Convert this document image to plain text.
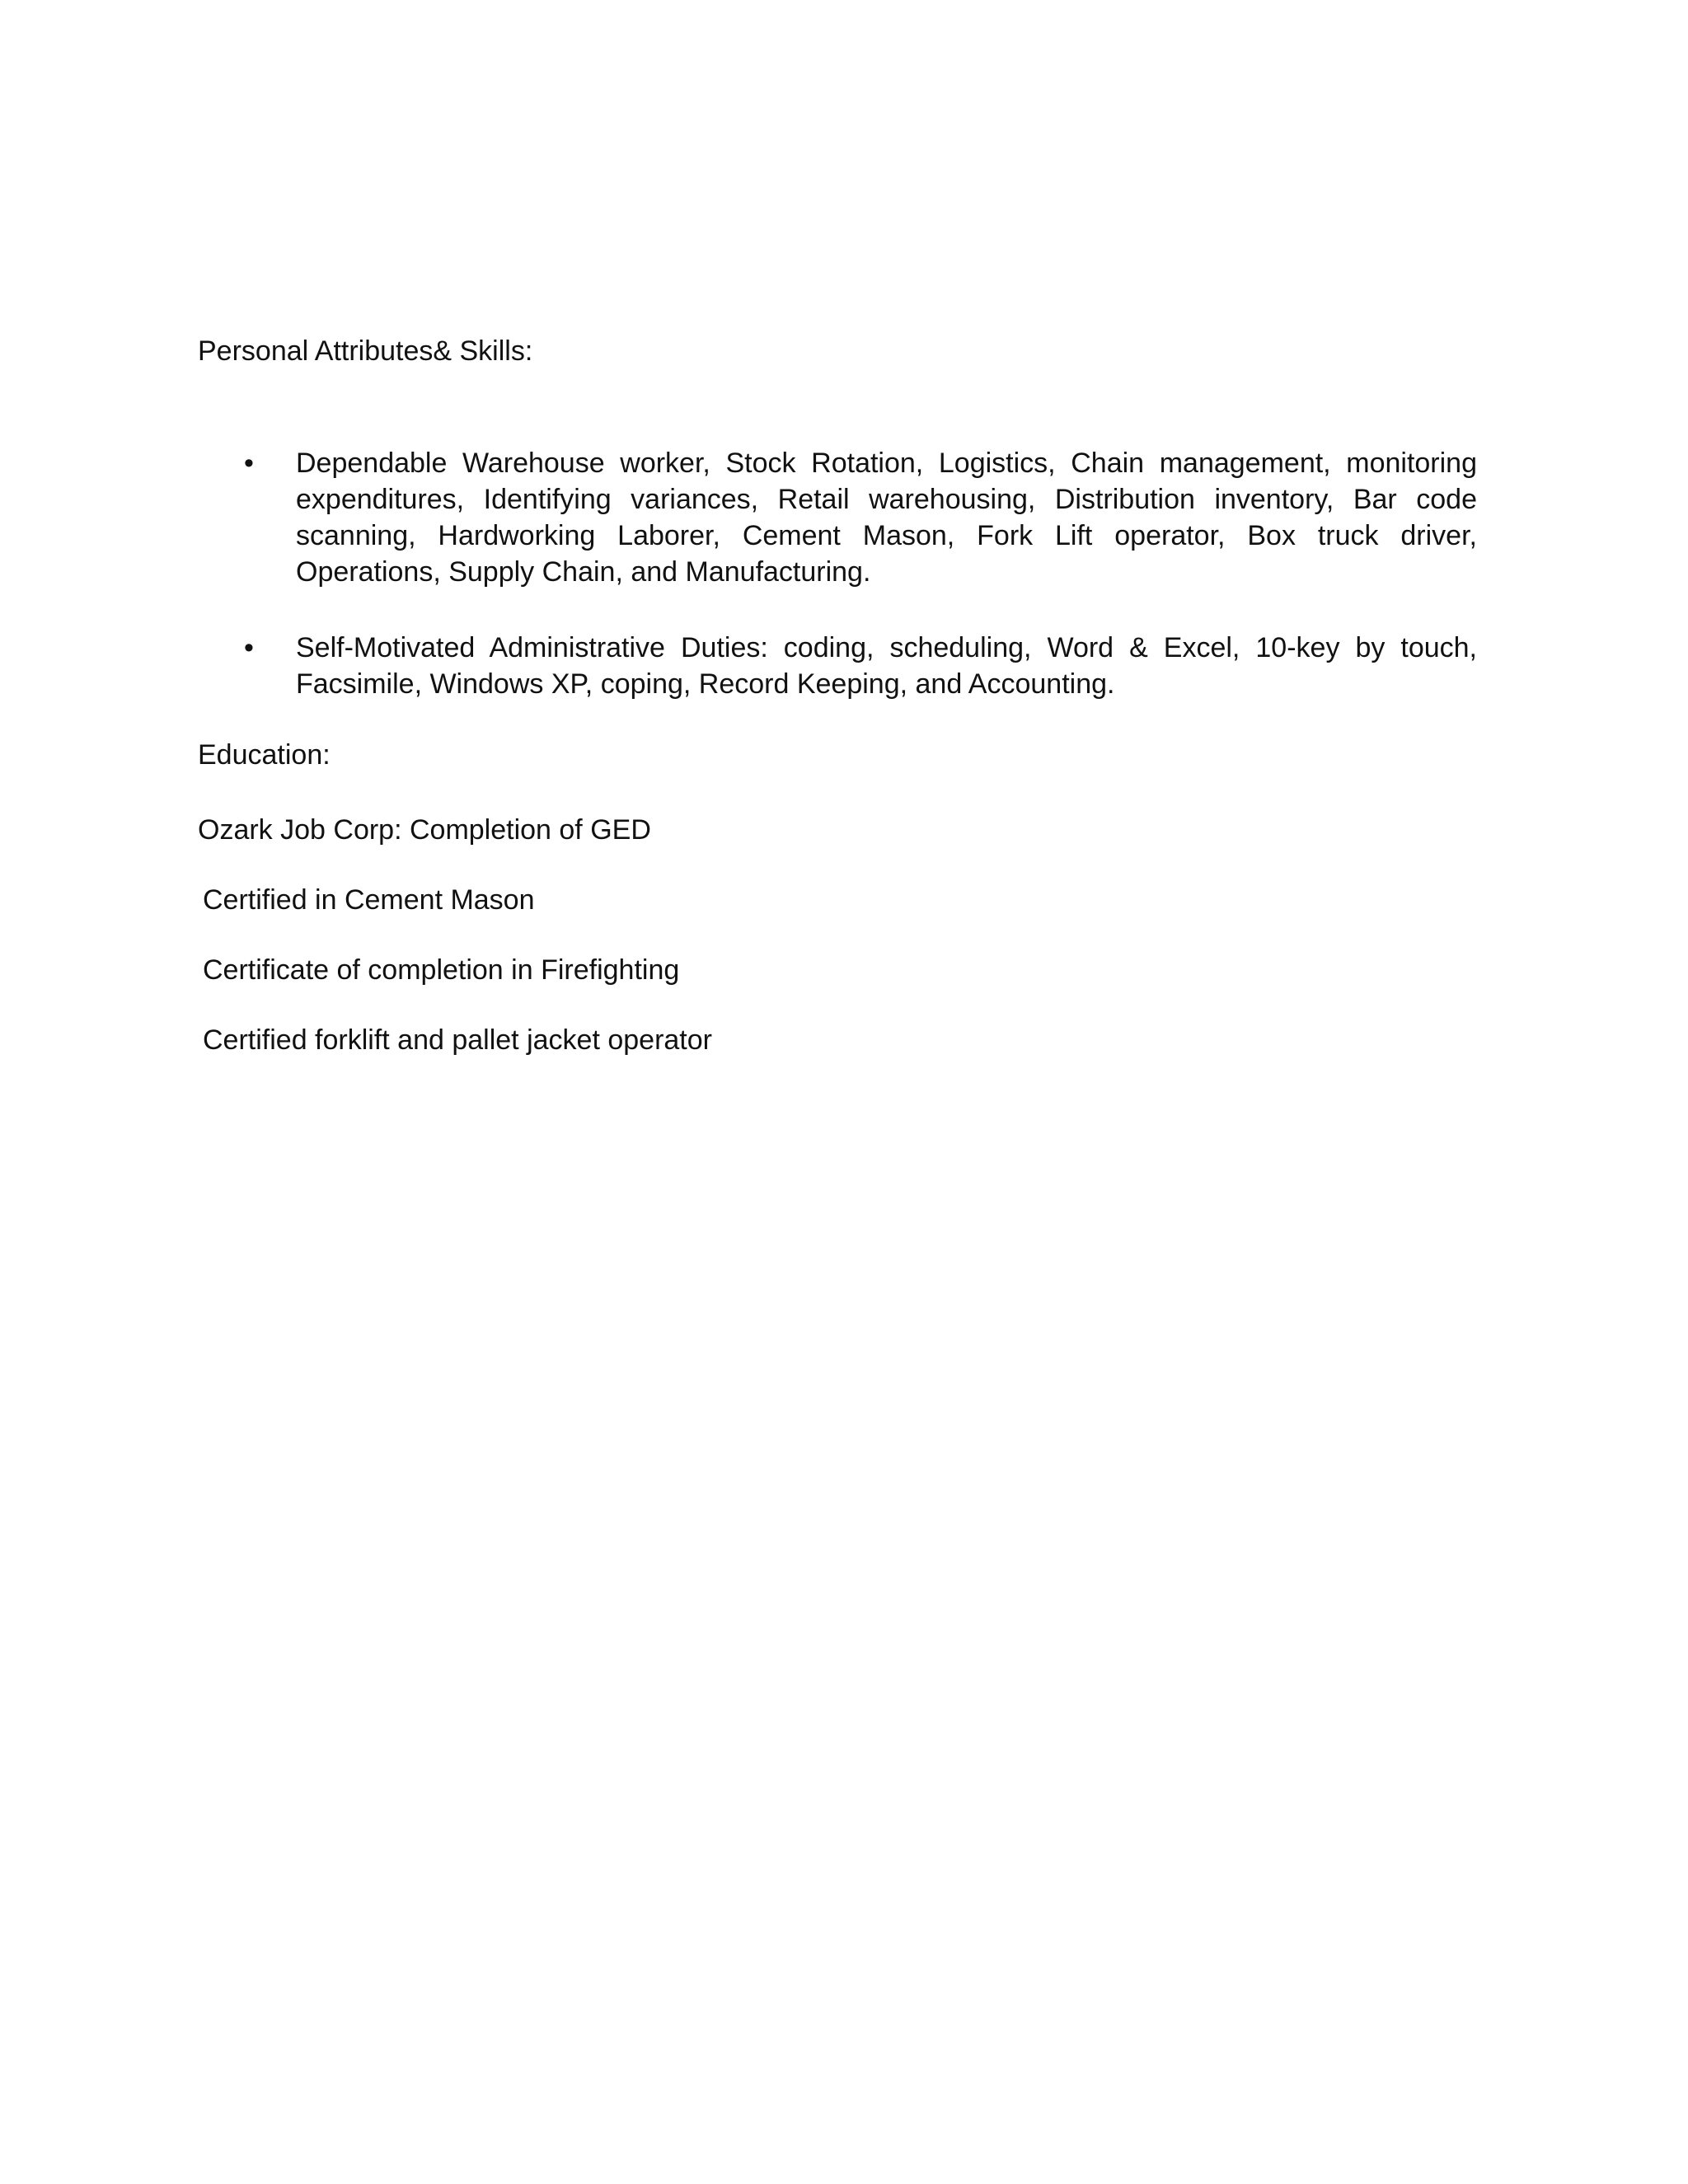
Personal Attributes& Skills:
• Dependable Warehouse worker, Stock Rotation, Logistics, Chain management, monitoring expenditures, Identifying variances, Retail warehousing, Distribution inventory, Bar code scanning, Hardworking Laborer, Cement Mason, Fork Lift operator, Box truck driver, Operations, Supply Chain, and Manufacturing.
• Self-Motivated Administrative Duties: coding, scheduling, Word & Excel, 10-key by touch, Facsimile, Windows XP, coping, Record Keeping, and Accounting.
Education:

Ozark Job Corp: Completion of GED

Certified in Cement Mason

Certificate of completion in Firefighting

Certified forklift and pallet jacket operator
